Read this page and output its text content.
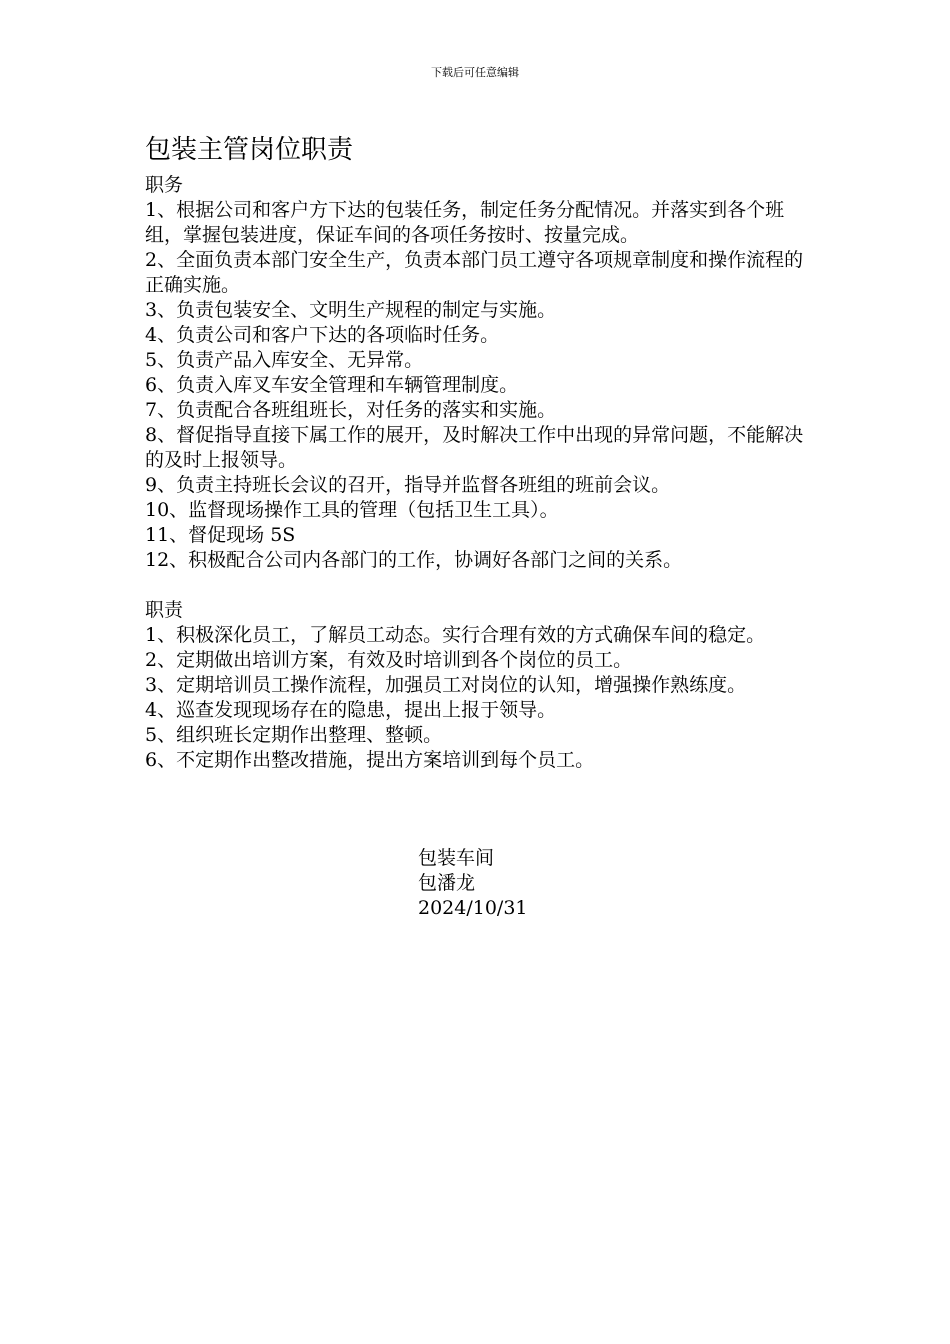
下载后可任意编辑
包装主管岗位职责
职务
1、根据公司和客户方下达的包装任务，制定任务分配情况。并落实到各个班组，掌握包装进度，保证车间的各项任务按时、按量完成。
2、全面负责本部门安全生产，负责本部门员工遵守各项规章制度和操作流程的正确实施。
3、负责包装安全、文明生产规程的制定与实施。
4、负责公司和客户下达的各项临时任务。
5、负责产品入库安全、无异常。
6、负责入库叉车安全管理和车辆管理制度。
7、负责配合各班组班长，对任务的落实和实施。
8、督促指导直接下属工作的展开，及时解决工作中出现的异常问题，不能解决的及时上报领导。
9、负责主持班长会议的召开，指导并监督各班组的班前会议。
10、监督现场操作工具的管理（包括卫生工具）。
11、督促现场 5S
12、积极配合公司内各部门的工作，协调好各部门之间的关系。
职责
1、积极深化员工，了解员工动态。实行合理有效的方式确保车间的稳定。
2、定期做出培训方案，有效及时培训到各个岗位的员工。
3、定期培训员工操作流程，加强员工对岗位的认知，增强操作熟练度。
4、巡查发现现场存在的隐患，提出上报于领导。
5、组织班长定期作出整理、整顿。
6、不定期作出整改措施，提出方案培训到每个员工。
包装车间
包潘龙
2024/10/31
